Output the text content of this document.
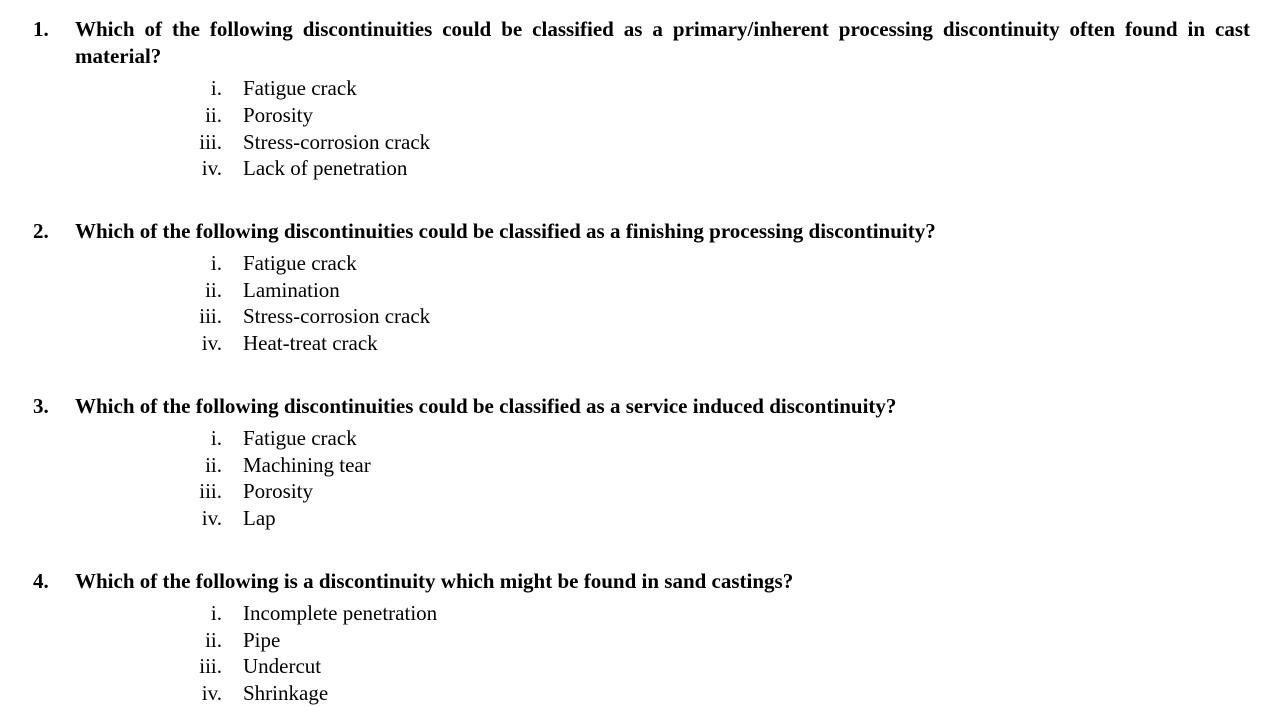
1. Which of the following discontinuities could be classified as a primary/inherent processing discontinuity often found in cast material?
i. Fatigue crack
ii. Porosity
iii. Stress-corrosion crack
iv. Lack of penetration
2. Which of the following discontinuities could be classified as a finishing processing discontinuity?
i. Fatigue crack
ii. Lamination
iii. Stress-corrosion crack
iv. Heat-treat crack
3. Which of the following discontinuities could be classified as a service induced discontinuity?
i. Fatigue crack
ii. Machining tear
iii. Porosity
iv. Lap
4. Which of the following is a discontinuity which might be found in sand castings?
i. Incomplete penetration
ii. Pipe
iii. Undercut
iv. Shrinkage
